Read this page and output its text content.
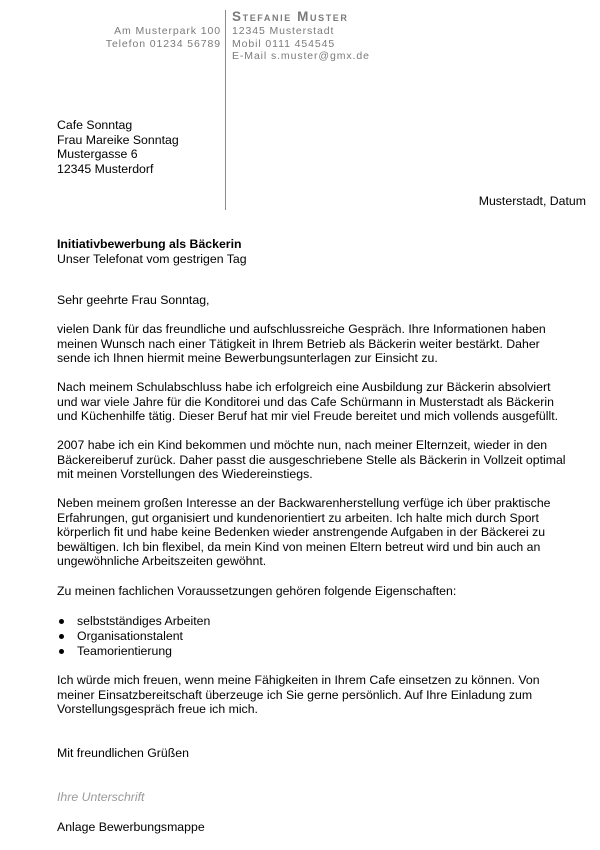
Am Musterpark 100
Telefon 01234 56789
Stefanie Muster
12345 Musterstadt
Mobil 0111 454545
E-Mail s.muster@gmx.de
Cafe Sonntag
Frau Mareike Sonntag
Mustergasse 6
12345 Musterdorf
Musterstadt, Datum
Initiativbewerbung als Bäckerin
Unser Telefonat vom gestrigen Tag
Sehr geehrte Frau Sonntag,
vielen Dank für das freundliche und aufschlussreiche Gespräch. Ihre Informationen haben
meinen Wunsch nach einer Tätigkeit in Ihrem Betrieb als Bäckerin weiter bestärkt. Daher
sende ich Ihnen hiermit meine Bewerbungsunterlagen zur Einsicht zu.
Nach meinem Schulabschluss habe ich erfolgreich eine Ausbildung zur Bäckerin absolviert
und war viele Jahre für die Konditorei und das Cafe Schürmann in Musterstadt als Bäckerin
und Küchenhilfe tätig. Dieser Beruf hat mir viel Freude bereitet und mich vollends ausgefüllt.
2007 habe ich ein Kind bekommen und möchte nun, nach meiner Elternzeit, wieder in den
Bäckereiberuf zurück. Daher passt die ausgeschriebene Stelle als Bäckerin in Vollzeit optimal
mit meinen Vorstellungen des Wiedereinstiegs.
Neben meinem großen Interesse an der Backwarenherstellung verfüge ich über praktische
Erfahrungen, gut organisiert und kundenorientiert zu arbeiten. Ich halte mich durch Sport
körperlich fit und habe keine Bedenken wieder anstrengende Aufgaben in der Bäckerei zu
bewältigen. Ich bin flexibel, da mein Kind von meinen Eltern betreut wird und bin auch an
ungewöhnliche Arbeitszeiten gewöhnt.
Zu meinen fachlichen Voraussetzungen gehören folgende Eigenschaften:
selbstständiges Arbeiten
Organisationstalent
Teamorientierung
Ich würde mich freuen, wenn meine Fähigkeiten in Ihrem Cafe einsetzen zu können. Von
meiner Einsatzbereitschaft überzeuge ich Sie gerne persönlich. Auf Ihre Einladung zum
Vorstellungsgespräch freue ich mich.
Mit freundlichen Grüßen
Ihre Unterschrift
Anlage Bewerbungsmappe
